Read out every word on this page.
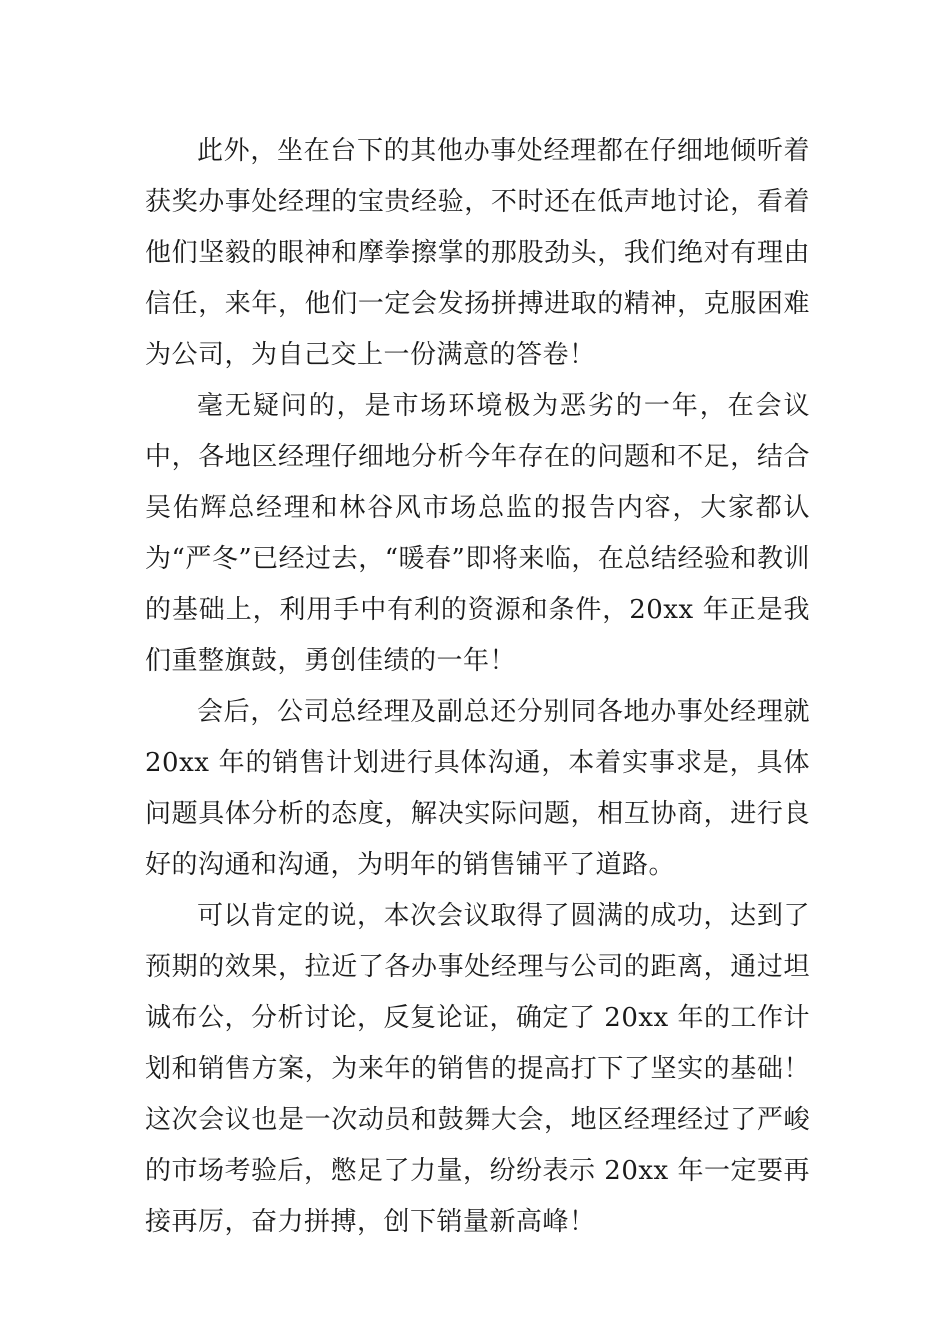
此外，坐在台下的其他办事处经理都在仔细地倾听着获奖办事处经理的宝贵经验，不时还在低声地讨论，看着他们坚毅的眼神和摩拳擦掌的那股劲头，我们绝对有理由信任，来年，他们一定会发扬拼搏进取的精神，克服困难为公司，为自己交上一份满意的答卷！

毫无疑问的，是市场环境极为恶劣的一年，在会议中，各地区经理仔细地分析今年存在的问题和不足，结合吴佑辉总经理和林谷风市场总监的报告内容，大家都认为“严冬”已经过去，“暖春”即将来临，在总结经验和教训的基础上，利用手中有利的资源和条件，20xx 年正是我们重整旗鼓，勇创佳绩的一年！

会后，公司总经理及副总还分别同各地办事处经理就 20xx 年的销售计划进行具体沟通，本着实事求是，具体问题具体分析的态度，解决实际问题，相互协商，进行良好的沟通和沟通，为明年的销售铺平了道路。

可以肯定的说，本次会议取得了圆满的成功，达到了预期的效果，拉近了各办事处经理与公司的距离，通过坦诚布公，分析讨论，反复论证，确定了 20xx 年的工作计划和销售方案，为来年的销售的提高打下了坚实的基础！这次会议也是一次动员和鼓舞大会，地区经理经过了严峻的市场考验后，憋足了力量，纷纷表示 20xx 年一定要再接再厉，奋力拼搏，创下销量新高峰！
